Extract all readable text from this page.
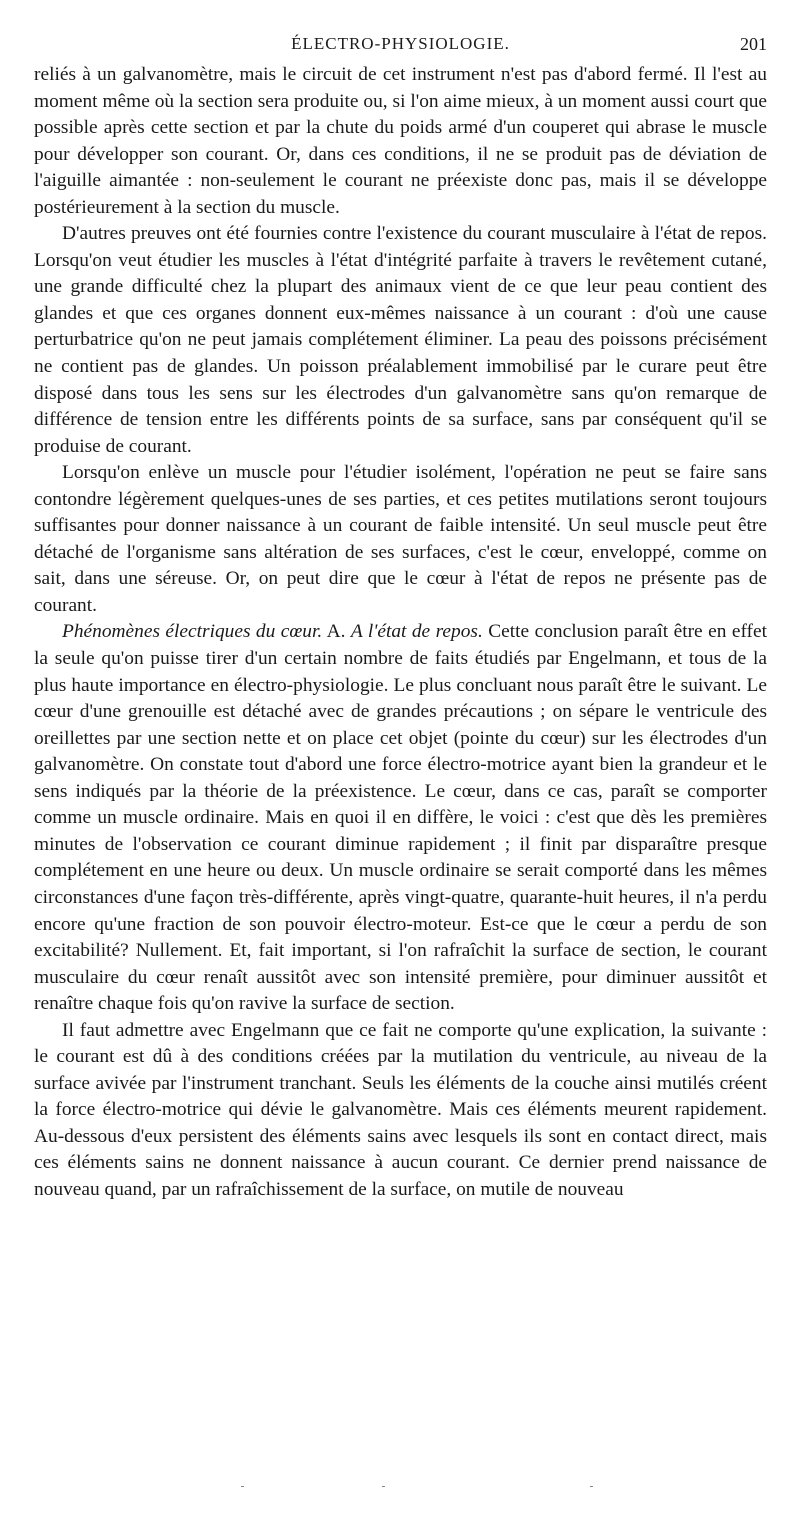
ÉLECTRO-PHYSIOLOGIE.	201

reliés à un galvanomètre, mais le circuit de cet instrument n'est pas d'abord fermé. Il l'est au moment même où la section sera produite ou, si l'on aime mieux, à un moment aussi court que possible après cette section et par la chute du poids armé d'un couperet qui abrase le muscle pour développer son courant. Or, dans ces conditions, il ne se produit pas de déviation de l'aiguille aimantée : non-seulement le courant ne préexiste donc pas, mais il se développe postérieurement à la section du muscle.

D'autres preuves ont été fournies contre l'existence du courant musculaire à l'état de repos. Lorsqu'on veut étudier les muscles à l'état d'intégrité parfaite à travers le revêtement cutané, une grande difficulté chez la plupart des animaux vient de ce que leur peau contient des glandes et que ces organes donnent eux-mêmes naissance à un courant : d'où une cause perturbatrice qu'on ne peut jamais complétement éliminer. La peau des poissons précisément ne contient pas de glandes. Un poisson préalablement immobilisé par le curare peut être disposé dans tous les sens sur les électrodes d'un galvanomètre sans qu'on remarque de différence de tension entre les différents points de sa surface, sans par conséquent qu'il se produise de courant.

Lorsqu'on enlève un muscle pour l'étudier isolément, l'opération ne peut se faire sans contondre légèrement quelques-unes de ses parties, et ces petites mutilations seront toujours suffisantes pour donner naissance à un courant de faible intensité. Un seul muscle peut être détaché de l'organisme sans altération de ses surfaces, c'est le cœur, enveloppé, comme on sait, dans une séreuse. Or, on peut dire que le cœur à l'état de repos ne présente pas de courant.

Phénomènes électriques du cœur. A. A l'état de repos. Cette conclusion paraît être en effet la seule qu'on puisse tirer d'un certain nombre de faits étudiés par Engelmann, et tous de la plus haute importance en électro-physiologie. Le plus concluant nous paraît être le suivant. Le cœur d'une grenouille est détaché avec de grandes précautions ; on sépare le ventricule des oreillettes par une section nette et on place cet objet (pointe du cœur) sur les électrodes d'un galvanomètre. On constate tout d'abord une force électro-motrice ayant bien la grandeur et le sens indiqués par la théorie de la préexistence. Le cœur, dans ce cas, paraît se comporter comme un muscle ordinaire. Mais en quoi il en diffère, le voici : c'est que dès les premières minutes de l'observation ce courant diminue rapidement ; il finit par disparaître presque complétement en une heure ou deux. Un muscle ordinaire se serait comporté dans les mêmes circonstances d'une façon très-différente, après vingt-quatre, quarante-huit heures, il n'a perdu encore qu'une fraction de son pouvoir électro-moteur. Est-ce que le cœur a perdu de son excitabilité? Nullement. Et, fait important, si l'on rafraîchit la surface de section, le courant musculaire du cœur renaît aussitôt avec son intensité première, pour diminuer aussitôt et renaître chaque fois qu'on ravive la surface de section.

Il faut admettre avec Engelmann que ce fait ne comporte qu'une explication, la suivante : le courant est dû à des conditions créées par la mutilation du ventricule, au niveau de la surface avivée par l'instrument tranchant. Seuls les éléments de la couche ainsi mutilés créent la force électro-motrice qui dévie le galvanomètre. Mais ces éléments meurent rapidement. Au-dessous d'eux persistent des éléments sains avec lesquels ils sont en contact direct, mais ces éléments sains ne donnent naissance à aucun courant. Ce dernier prend naissance de nouveau quand, par un rafraîchissement de la surface, on mutile de nouveau
